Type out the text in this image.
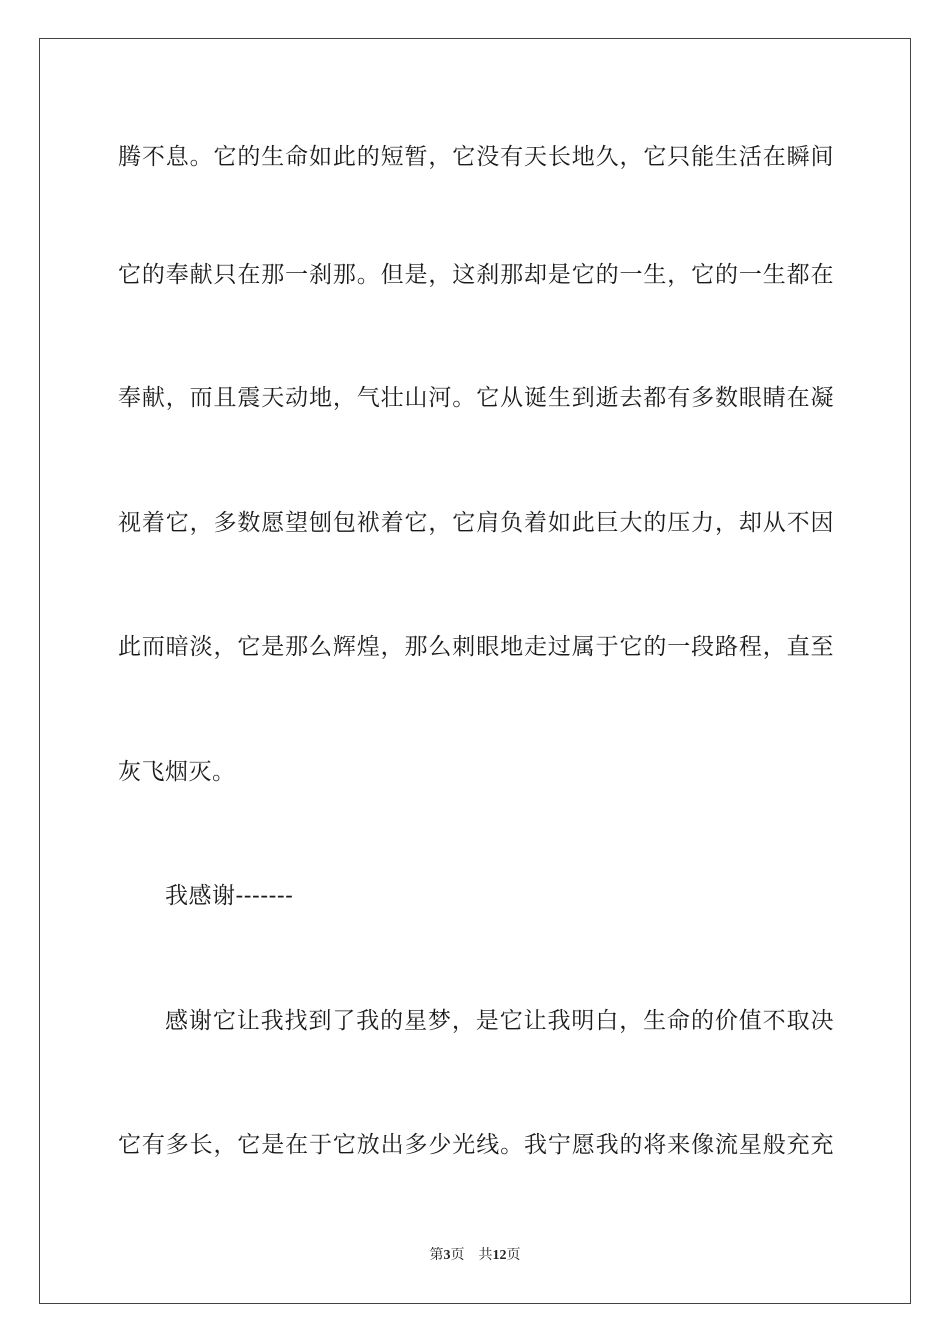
腾不息。它的生命如此的短暂，它没有天长地久，它只能生活在瞬间
它的奉献只在那一刹那。但是，这刹那却是它的一生，它的一生都在
奉献，而且震天动地，气壮山河。它从诞生到逝去都有多数眼睛在凝
视着它，多数愿望刨包袱着它，它肩负着如此巨大的压力，却从不因
此而暗淡，它是那么辉煌，那么刺眼地走过属于它的一段路程，直至
灰飞烟灭。
我感谢-------
感谢它让我找到了我的星梦，是它让我明白，生命的价值不取决
它有多长，它是在于它放出多少光线。我宁愿我的将来像流星般充充
第3页 共12页
